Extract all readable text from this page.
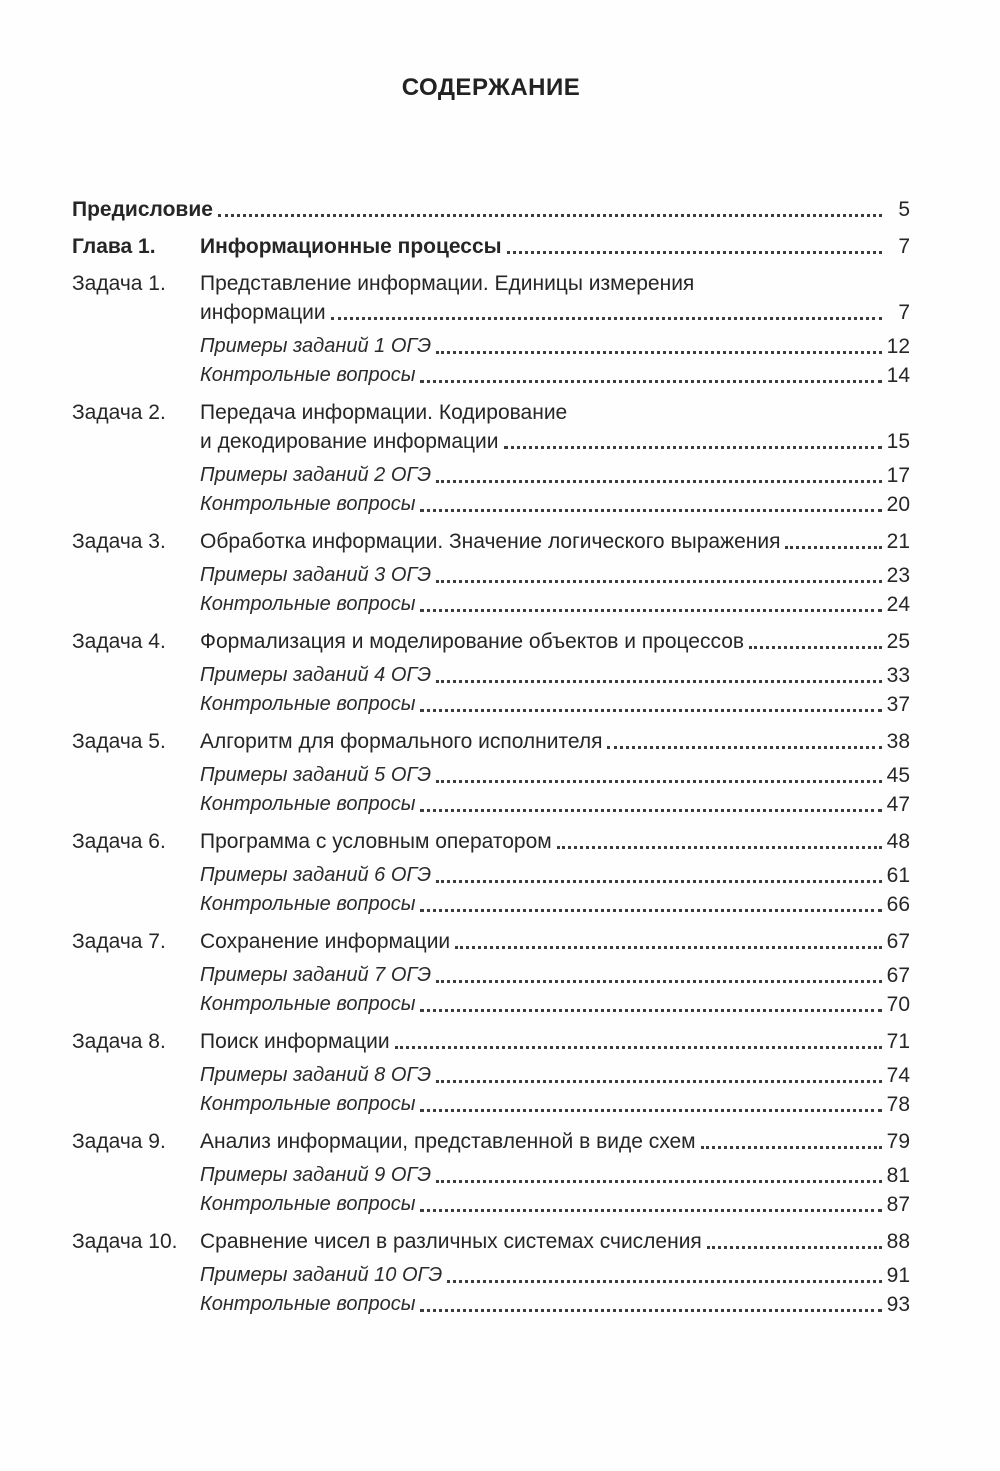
СОДЕРЖАНИЕ
Предисловие	5
Глава 1.	Информационные процессы	7
Задача 1.	Представление информации. Единицы измерения
информации	7
Примеры заданий 1 ОГЭ	12
Контрольные вопросы	14
Задача 2.	Передача информации. Кодирование
и декодирование информации	15
Примеры заданий 2 ОГЭ	17
Контрольные вопросы	20
Задача 3.	Обработка информации. Значение логического выражения	21
Примеры заданий 3 ОГЭ	23
Контрольные вопросы	24
Задача 4.	Формализация и моделирование объектов и процессов	25
Примеры заданий 4 ОГЭ	33
Контрольные вопросы	37
Задача 5.	Алгоритм для формального исполнителя	38
Примеры заданий 5 ОГЭ	45
Контрольные вопросы	47
Задача 6.	Программа с условным оператором	48
Примеры заданий 6 ОГЭ	61
Контрольные вопросы	66
Задача 7.	Сохранение информации	67
Примеры заданий 7 ОГЭ	67
Контрольные вопросы	70
Задача 8.	Поиск информации	71
Примеры заданий 8 ОГЭ	74
Контрольные вопросы	78
Задача 9.	Анализ информации, представленной в виде схем	79
Примеры заданий 9 ОГЭ	81
Контрольные вопросы	87
Задача 10.	Сравнение чисел в различных системах счисления	88
Примеры заданий 10 ОГЭ	91
Контрольные вопросы	93
